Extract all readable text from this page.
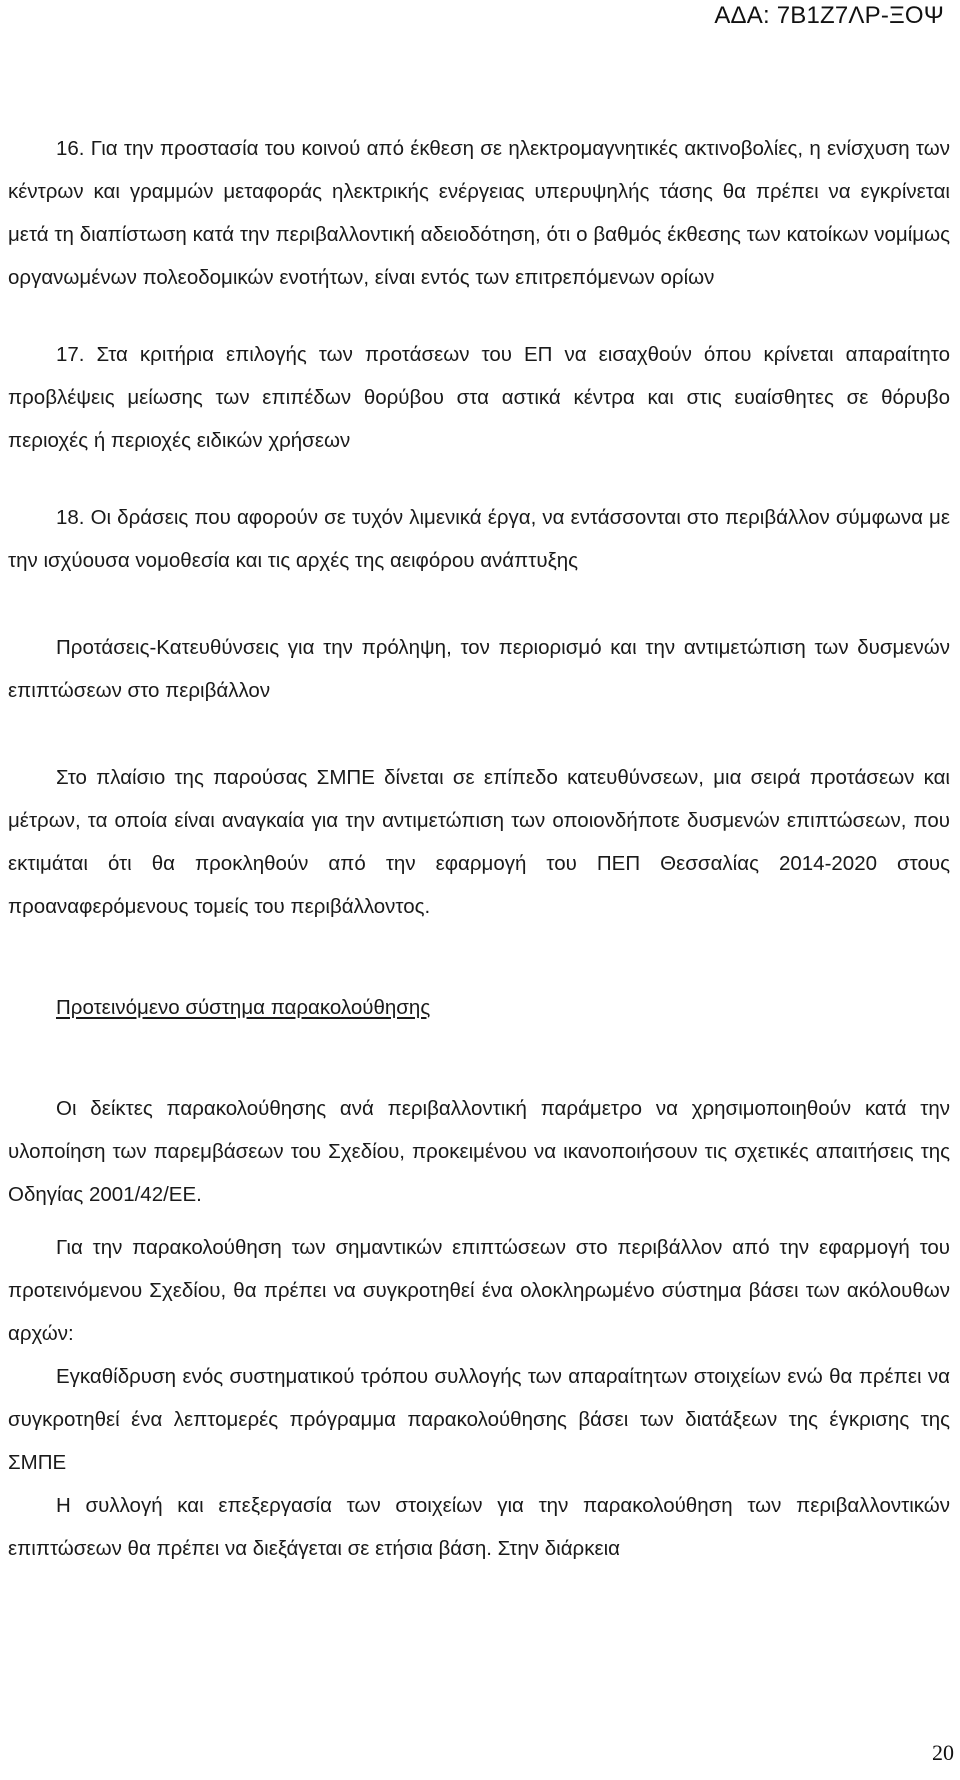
ΑΔΑ: 7Β1Ζ7ΛΡ-ΞΟΨ

16. Για την προστασία του κοινού από έκθεση σε ηλεκτρομαγνητικές ακτινοβολίες, η ενίσχυση των κέντρων και γραμμών μεταφοράς ηλεκτρικής ενέργειας υπερυψηλής τάσης θα πρέπει να εγκρίνεται μετά τη διαπίστωση κατά την περιβαλλοντική αδειοδότηση, ότι ο βαθμός έκθεσης των κατοίκων νομίμως οργανωμένων πολεοδομικών ενοτήτων, είναι εντός των επιτρεπόμενων ορίων

17. Στα κριτήρια επιλογής των προτάσεων του ΕΠ να εισαχθούν όπου κρίνεται απαραίτητο προβλέψεις μείωσης των επιπέδων θορύβου στα αστικά κέντρα και στις ευαίσθητες σε θόρυβο περιοχές ή περιοχές ειδικών χρήσεων

18. Οι δράσεις που αφορούν σε τυχόν λιμενικά έργα, να εντάσσονται στο περιβάλλον σύμφωνα με την ισχύουσα νομοθεσία και τις αρχές της αειφόρου ανάπτυξης

Προτάσεις-Κατευθύνσεις για την πρόληψη, τον περιορισμό και την αντιμετώπιση των δυσμενών επιπτώσεων στο περιβάλλον

Στο πλαίσιο της παρούσας ΣΜΠΕ δίνεται σε επίπεδο κατευθύνσεων, μια σειρά προτάσεων και μέτρων, τα οποία είναι αναγκαία για την αντιμετώπιση των οποιονδήποτε δυσμενών επιπτώσεων, που εκτιμάται ότι θα προκληθούν από την εφαρμογή του ΠΕΠ Θεσσαλίας 2014-2020 στους προαναφερόμενους τομείς του περιβάλλοντος.

Προτεινόμενο σύστημα παρακολούθησης

Οι δείκτες παρακολούθησης ανά περιβαλλοντική παράμετρο να χρησιμοποιηθούν κατά την υλοποίηση των παρεμβάσεων του Σχεδίου, προκειμένου να ικανοποιήσουν τις σχετικές απαιτήσεις της Οδηγίας 2001/42/ΕΕ.

Για την παρακολούθηση των σημαντικών επιπτώσεων στο περιβάλλον από την εφαρμογή του προτεινόμενου Σχεδίου, θα πρέπει να συγκροτηθεί ένα ολοκληρωμένο σύστημα βάσει των ακόλουθων αρχών:

Εγκαθίδρυση ενός συστηματικού τρόπου συλλογής των απαραίτητων στοιχείων ενώ θα πρέπει να συγκροτηθεί ένα λεπτομερές πρόγραμμα παρακολούθησης βάσει των διατάξεων της έγκρισης της ΣΜΠΕ

Η συλλογή και επεξεργασία των στοιχείων για την παρακολούθηση των περιβαλλοντικών επιπτώσεων θα πρέπει να διεξάγεται σε ετήσια βάση. Στην διάρκεια

20
